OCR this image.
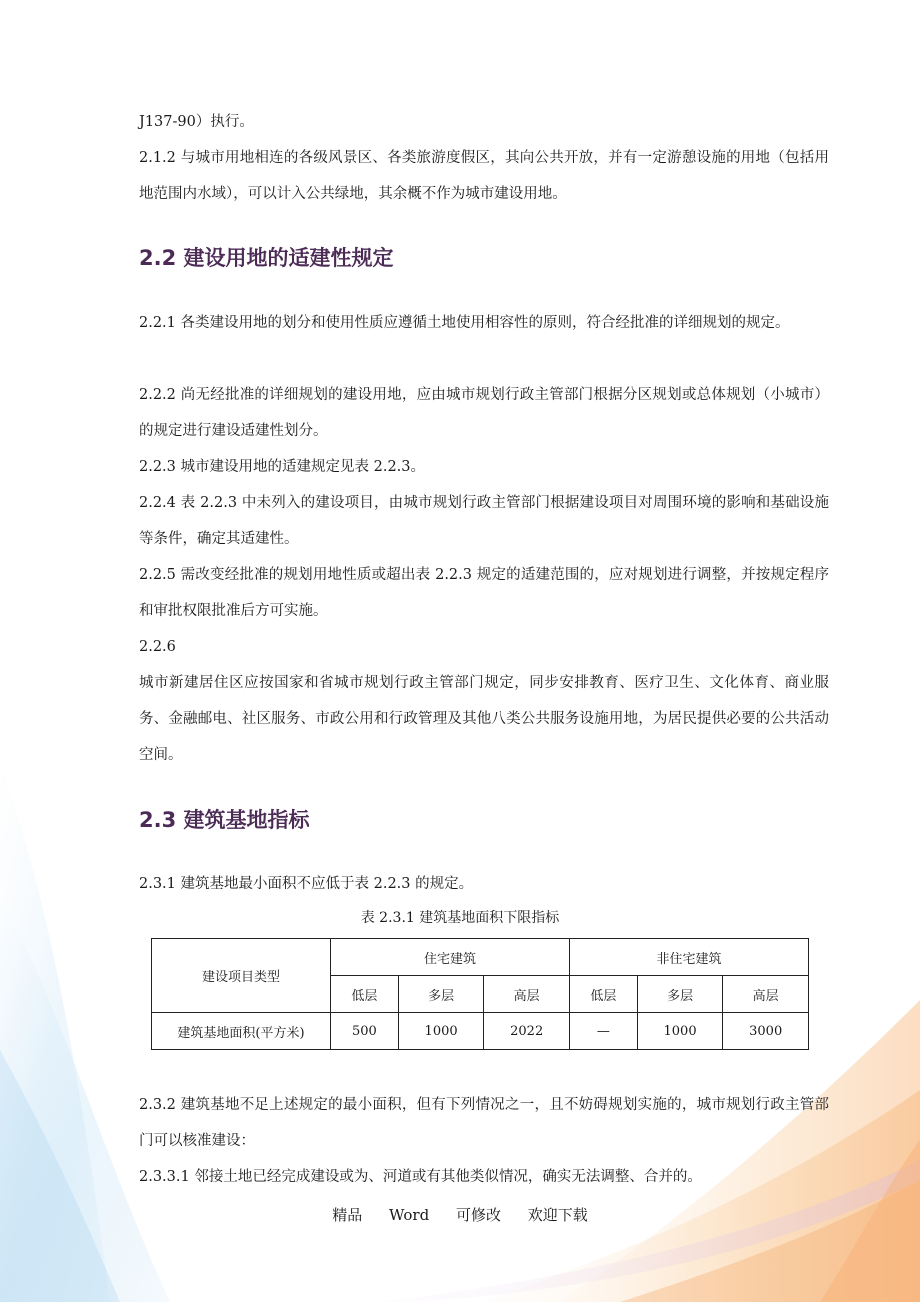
J137-90）执行。
2.1.2 与城市用地相连的各级风景区、各类旅游度假区，其向公共开放，并有一定游憩设施的用地（包括用地范围内水域），可以计入公共绿地，其余概不作为城市建设用地。
2.2 建设用地的适建性规定
2.2.1 各类建设用地的划分和使用性质应遵循土地使用相容性的原则，符合经批准的详细规划的规定。
2.2.2 尚无经批准的详细规划的建设用地，应由城市规划行政主管部门根据分区规划或总体规划（小城市）的规定进行建设适建性划分。
2.2.3 城市建设用地的适建规定见表 2.2.3。
2.2.4 表 2.2.3 中未列入的建设项目，由城市规划行政主管部门根据建设项目对周围环境的影响和基础设施等条件，确定其适建性。
2.2.5 需改变经批准的规划用地性质或超出表 2.2.3 规定的适建范围的，应对规划进行调整，并按规定程序和审批权限批准后方可实施。
2.2.6
城市新建居住区应按国家和省城市规划行政主管部门规定，同步安排教育、医疗卫生、文化体育、商业服务、金融邮电、社区服务、市政公用和行政管理及其他八类公共服务设施用地，为居民提供必要的公共活动空间。
2.3 建筑基地指标
2.3.1 建筑基地最小面积不应低于表 2.2.3 的规定。
表 2.3.1 建筑基地面积下限指标
建设项目类型	住宅建筑			非住宅建筑		
	低层	多层	高层	低层	多层	高层
建筑基地面积(平方米)	500	1000	2022	—	1000	3000
2.3.2 建筑基地不足上述规定的最小面积，但有下列情况之一，且不妨碍规划实施的，城市规划行政主管部门可以核准建设：
2.3.3.1 邻接土地已经完成建设或为、河道或有其他类似情况，确实无法调整、合并的。
精品 Word 可修改 欢迎下载
